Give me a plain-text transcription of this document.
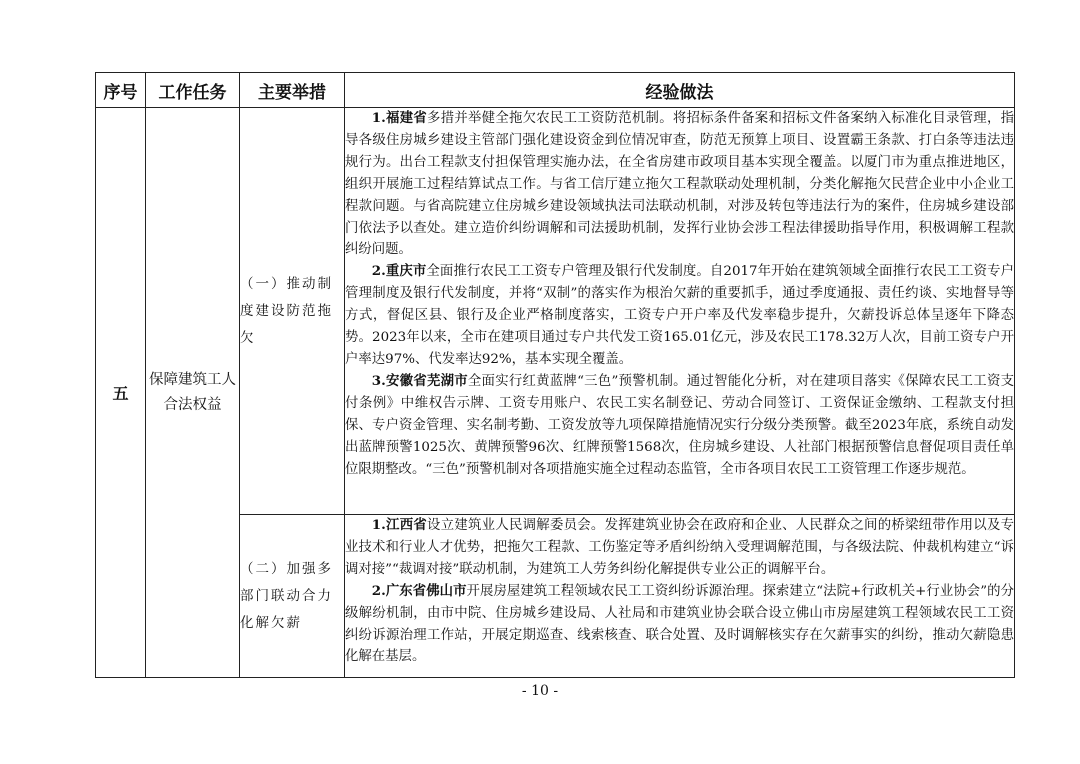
序号	工作任务	主要举措	经验做法
五	保障建筑工人合法权益	（一）推动制度建设防范拖欠	1.福建省多措并举健全拖欠农民工工资防范机制。将招标条件备案和招标文件备案纳入标准化目录管理，指导各级住房城乡建设主管部门强化建设资金到位情况审查，防范无预算上项目、设置霸王条款、打白条等违法违规行为。出台工程款支付担保管理实施办法，在全省房建市政项目基本实现全覆盖。以厦门市为重点推进地区，组织开展施工过程结算试点工作。与省工信厅建立拖欠工程款联动处理机制，分类化解拖欠民营企业中小企业工程款问题。与省高院建立住房城乡建设领域执法司法联动机制，对涉及转包等违法行为的案件，住房城乡建设部门依法予以查处。建立造价纠纷调解和司法援助机制，发挥行业协会涉工程法律援助指导作用，积极调解工程款纠纷问题。

2.重庆市全面推行农民工工资专户管理及银行代发制度。自2017年开始在建筑领域全面推行农民工工资专户管理制度及银行代发制度，并将“双制”的落实作为根治欠薪的重要抓手，通过季度通报、责任约谈、实地督导等方式，督促区县、银行及企业严格制度落实，工资专户开户率及代发率稳步提升，欠薪投诉总体呈逐年下降态势。2023年以来，全市在建项目通过专户共代发工资165.01亿元，涉及农民工178.32万人次，目前工资专户开户率达97%、代发率达92%，基本实现全覆盖。

3.安徽省芜湖市全面实行红黄蓝牌“三色”预警机制。通过智能化分析，对在建项目落实《保障农民工工资支付条例》中维权告示牌、工资专用账户、农民工实名制登记、劳动合同签订、工资保证金缴纳、工程款支付担保、专户资金管理、实名制考勤、工资发放等九项保障措施情况实行分级分类预警。截至2023年底，系统自动发出蓝牌预警1025次、黄牌预警96次、红牌预警1568次，住房城乡建设、人社部门根据预警信息督促项目责任单位限期整改。“三色”预警机制对各项措施实施全过程动态监管，全市各项目农民工工资管理工作逐步规范。

		（二）加强多部门联动合力化解欠薪	1.江西省设立建筑业人民调解委员会。发挥建筑业协会在政府和企业、人民群众之间的桥梁纽带作用以及专业技术和行业人才优势，把拖欠工程款、工伤鉴定等矛盾纠纷纳入受理调解范围，与各级法院、仲裁机构建立“诉调对接”“裁调对接”联动机制，为建筑工人劳务纠纷化解提供专业公正的调解平台。

2.广东省佛山市开展房屋建筑工程领域农民工工资纠纷诉源治理。探索建立“法院+行政机关+行业协会”的分级解纷机制，由市中院、住房城乡建设局、人社局和市建筑业协会联合设立佛山市房屋建筑工程领域农民工工资纠纷诉源治理工作站，开展定期巡查、线索核查、联合处置、及时调解核实存在欠薪事实的纠纷，推动欠薪隐患化解在基层。

- 10 -
